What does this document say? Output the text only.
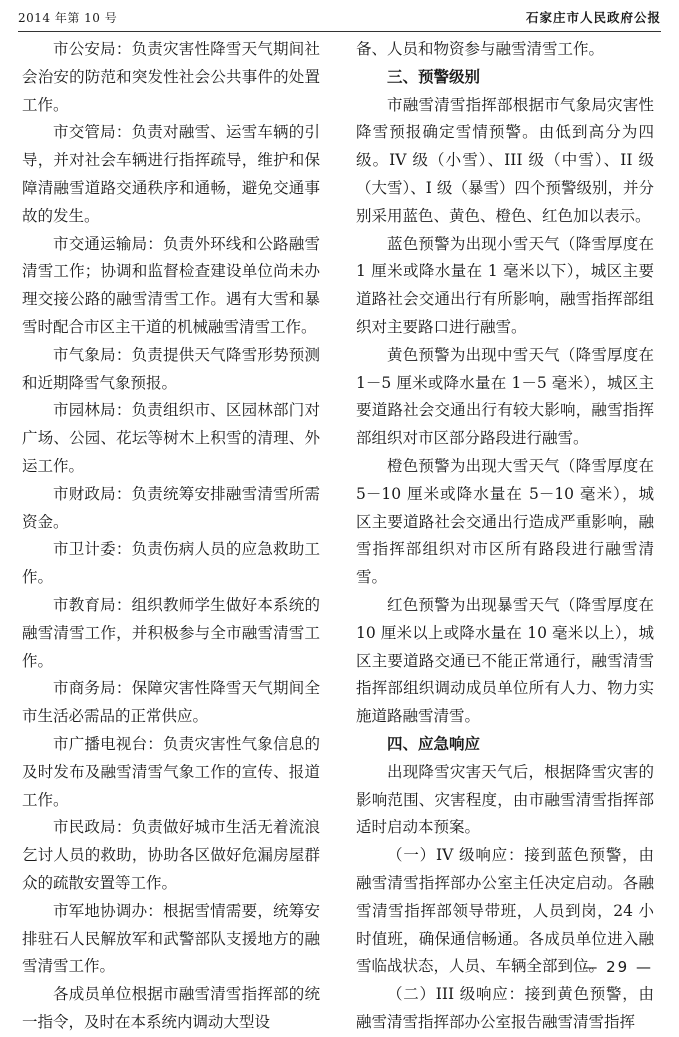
2014 年第 10 号	石家庄市人民政府公报

市公安局：负责灾害性降雪天气期间社会治安的防范和突发性社会公共事件的处置工作。

市交管局：负责对融雪、运雪车辆的引导，并对社会车辆进行指挥疏导，维护和保障清融雪道路交通秩序和通畅，避免交通事故的发生。

市交通运输局：负责外环线和公路融雪清雪工作；协调和监督检查建设单位尚未办理交接公路的融雪清雪工作。遇有大雪和暴雪时配合市区主干道的机械融雪清雪工作。

市气象局：负责提供天气降雪形势预测和近期降雪气象预报。

市园林局：负责组织市、区园林部门对广场、公园、花坛等树木上积雪的清理、外运工作。

市财政局：负责统筹安排融雪清雪所需资金。

市卫计委：负责伤病人员的应急救助工作。

市教育局：组织教师学生做好本系统的融雪清雪工作，并积极参与全市融雪清雪工作。

市商务局：保障灾害性降雪天气期间全市生活必需品的正常供应。

市广播电视台：负责灾害性气象信息的及时发布及融雪清雪气象工作的宣传、报道工作。

市民政局：负责做好城市生活无着流浪乞讨人员的救助，协助各区做好危漏房屋群众的疏散安置等工作。

市军地协调办：根据雪情需要，统筹安排驻石人民解放军和武警部队支援地方的融雪清雪工作。

各成员单位根据市融雪清雪指挥部的统一指令，及时在本系统内调动大型设

备、人员和物资参与融雪清雪工作。

三、预警级别

市融雪清雪指挥部根据市气象局灾害性降雪预报确定雪情预警。由低到高分为四级。IV 级（小雪）、III 级（中雪）、II 级（大雪）、I 级（暴雪）四个预警级别，并分别采用蓝色、黄色、橙色、红色加以表示。

蓝色预警为出现小雪天气（降雪厚度在 1 厘米或降水量在 1 毫米以下），城区主要道路社会交通出行有所影响，融雪指挥部组织对主要路口进行融雪。

黄色预警为出现中雪天气（降雪厚度在 1－5 厘米或降水量在 1－5 毫米），城区主要道路社会交通出行有较大影响，融雪指挥部组织对市区部分路段进行融雪。

橙色预警为出现大雪天气（降雪厚度在 5－10 厘米或降水量在 5－10 毫米），城区主要道路社会交通出行造成严重影响，融雪指挥部组织对市区所有路段进行融雪清雪。

红色预警为出现暴雪天气（降雪厚度在 10 厘米以上或降水量在 10 毫米以上），城区主要道路交通已不能正常通行，融雪清雪指挥部组织调动成员单位所有人力、物力实施道路融雪清雪。

四、应急响应

出现降雪灾害天气后，根据降雪灾害的影响范围、灾害程度，由市融雪清雪指挥部适时启动本预案。

（一）IV 级响应：接到蓝色预警，由融雪清雪指挥部办公室主任决定启动。各融雪清雪指挥部领导带班，人员到岗，24 小时值班，确保通信畅通。各成员单位进入融雪临战状态，人员、车辆全部到位。

（二）III 级响应：接到黄色预警，由融雪清雪指挥部办公室报告融雪清雪指挥

— 29 —
